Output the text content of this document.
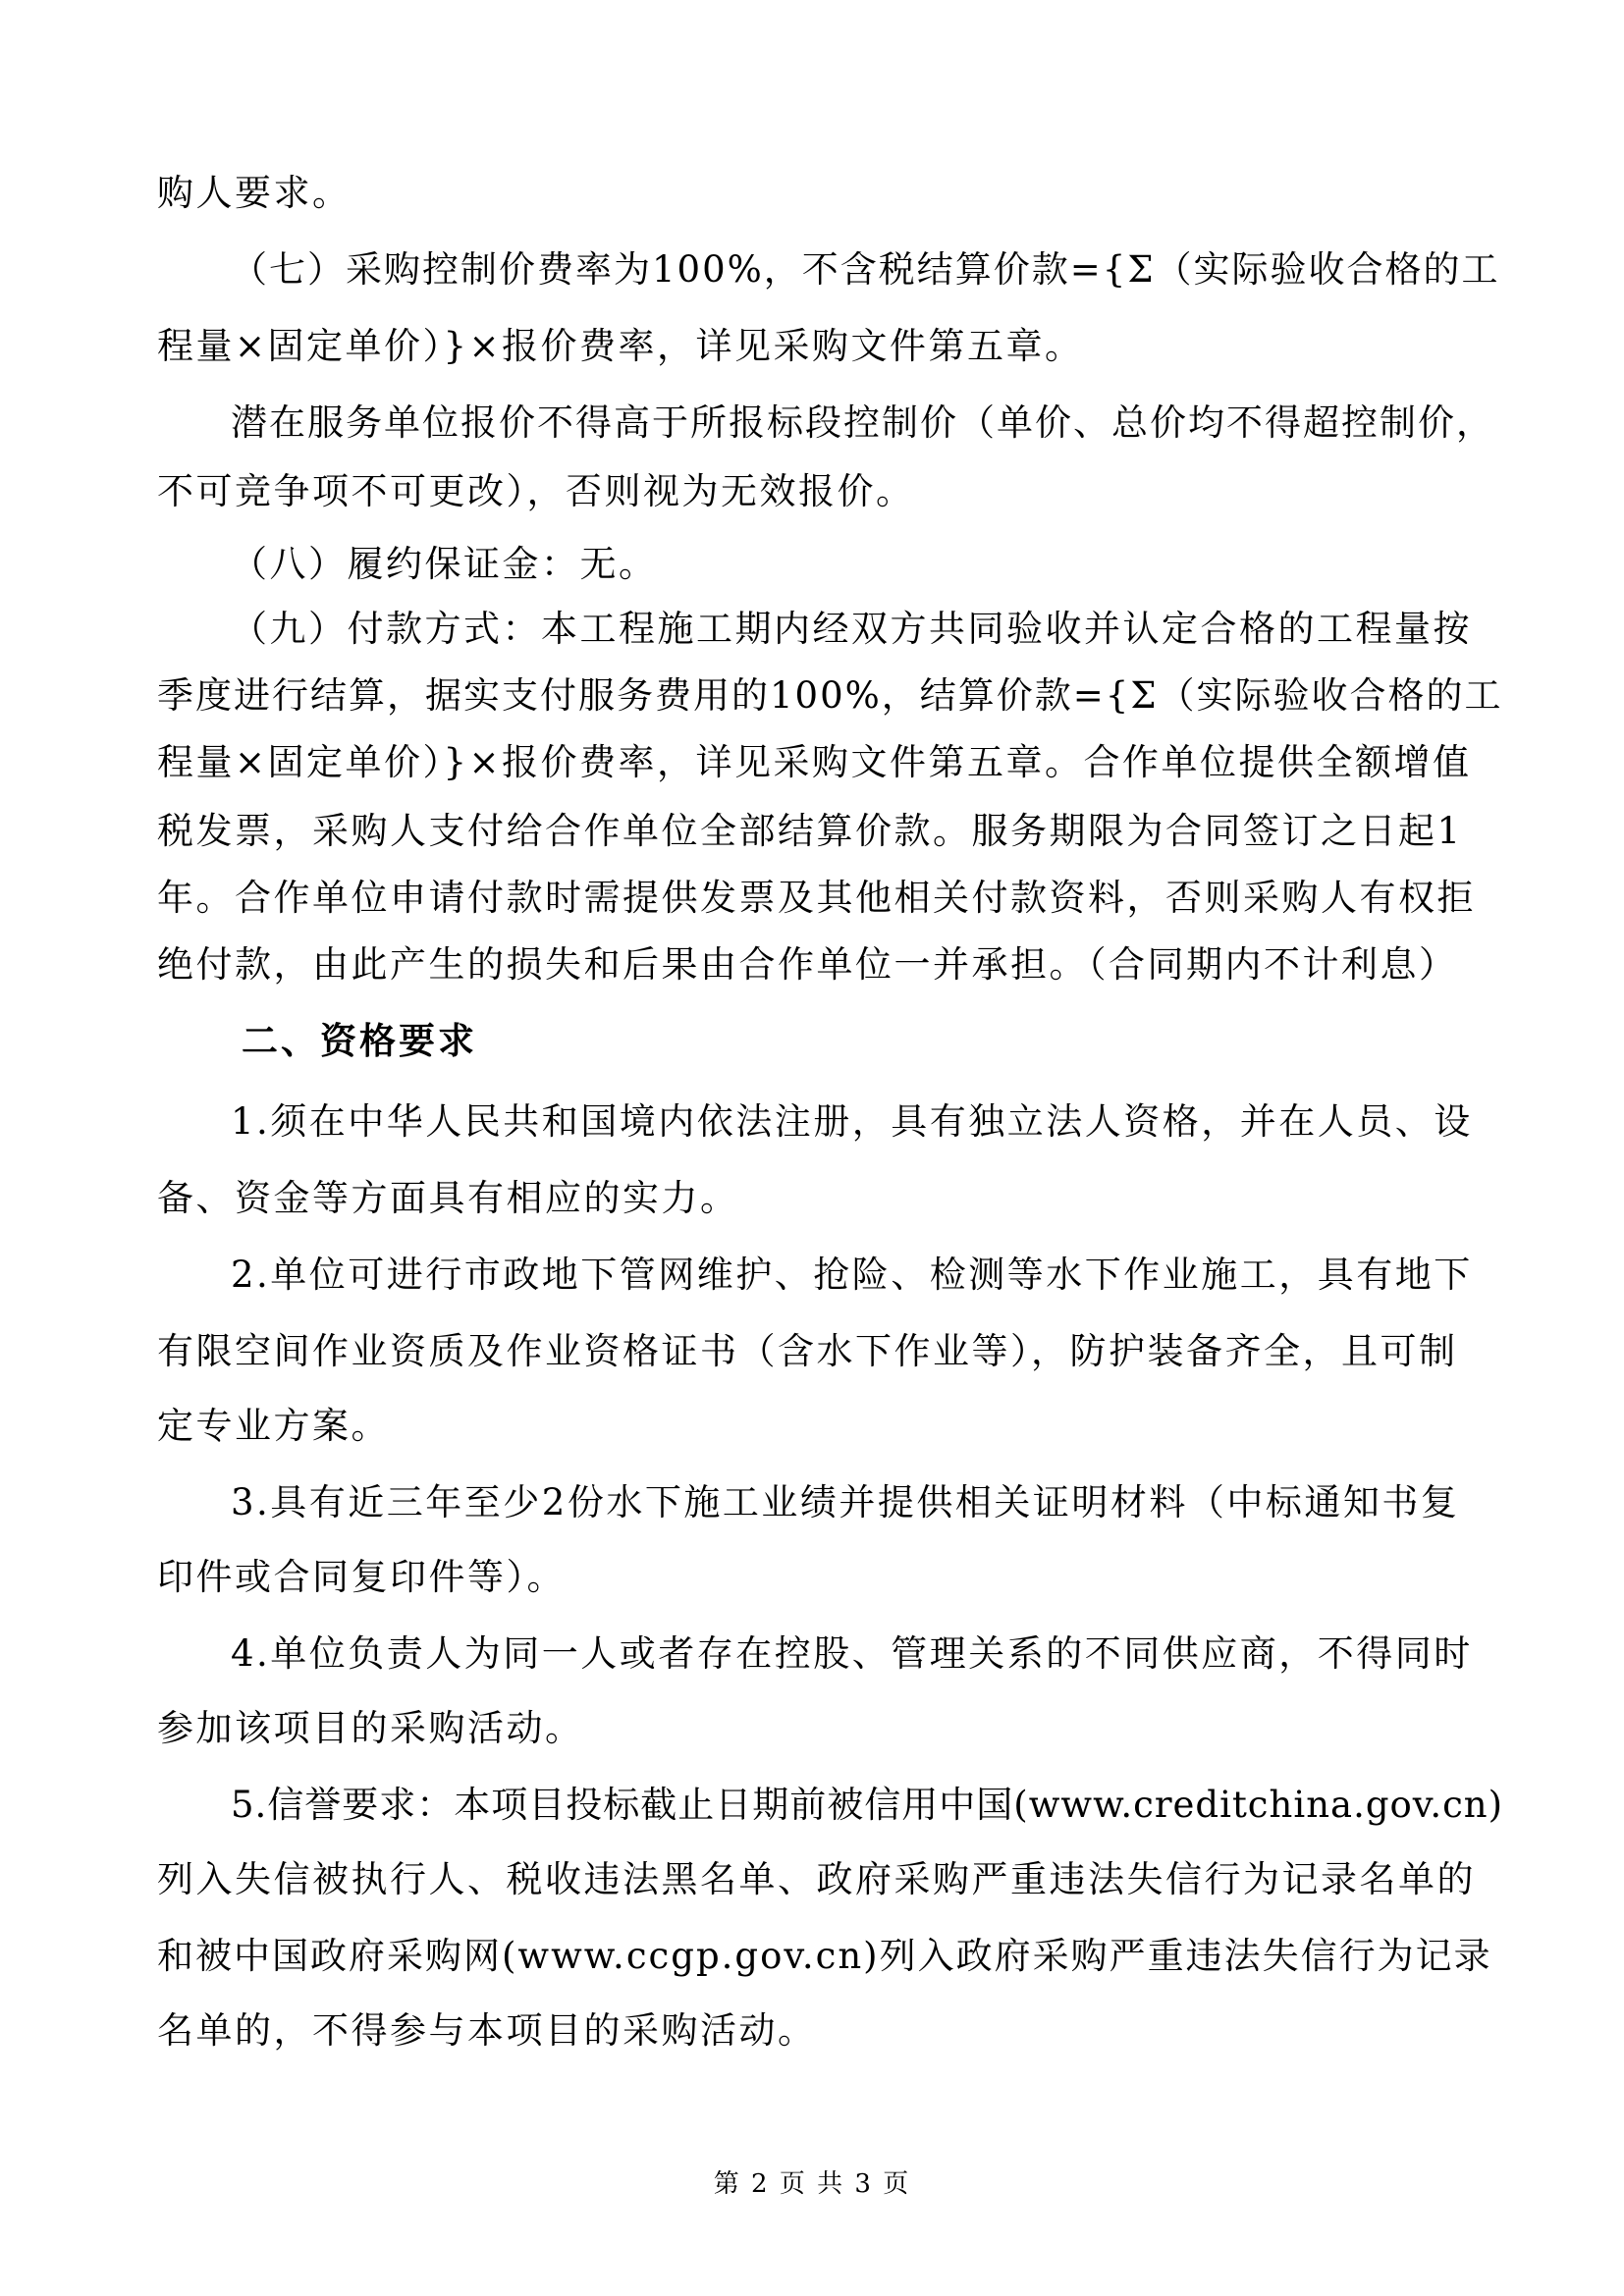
购人要求。

（七）采购控制价费率为100%，不含税结算价款={Σ（实际验收合格的工

程量×固定单价）}×报价费率，详见采购文件第五章。

潜在服务单位报价不得高于所报标段控制价（单价、总价均不得超控制价，

不可竞争项不可更改），否则视为无效报价。

（八）履约保证金：无。

（九）付款方式：本工程施工期内经双方共同验收并认定合格的工程量按

季度进行结算，据实支付服务费用的100%，结算价款={Σ（实际验收合格的工

程量×固定单价）}×报价费率，详见采购文件第五章。合作单位提供全额增值

税发票，采购人支付给合作单位全部结算价款。服务期限为合同签订之日起1

年。合作单位申请付款时需提供发票及其他相关付款资料，否则采购人有权拒

绝付款，由此产生的损失和后果由合作单位一并承担。（合同期内不计利息）

二、资格要求

1.须在中华人民共和国境内依法注册，具有独立法人资格，并在人员、设

备、资金等方面具有相应的实力。

2.单位可进行市政地下管网维护、抢险、检测等水下作业施工，具有地下

有限空间作业资质及作业资格证书（含水下作业等），防护装备齐全，且可制

定专业方案。

3.具有近三年至少2份水下施工业绩并提供相关证明材料（中标通知书复

印件或合同复印件等）。

4.单位负责人为同一人或者存在控股、管理关系的不同供应商，不得同时

参加该项目的采购活动。

5.信誉要求：本项目投标截止日期前被信用中国(www.creditchina.gov.cn)

列入失信被执行人、税收违法黑名单、政府采购严重违法失信行为记录名单的

和被中国政府采购网(www.ccgp.gov.cn)列入政府采购严重违法失信行为记录

名单的，不得参与本项目的采购活动。

第 2 页 共 3 页
